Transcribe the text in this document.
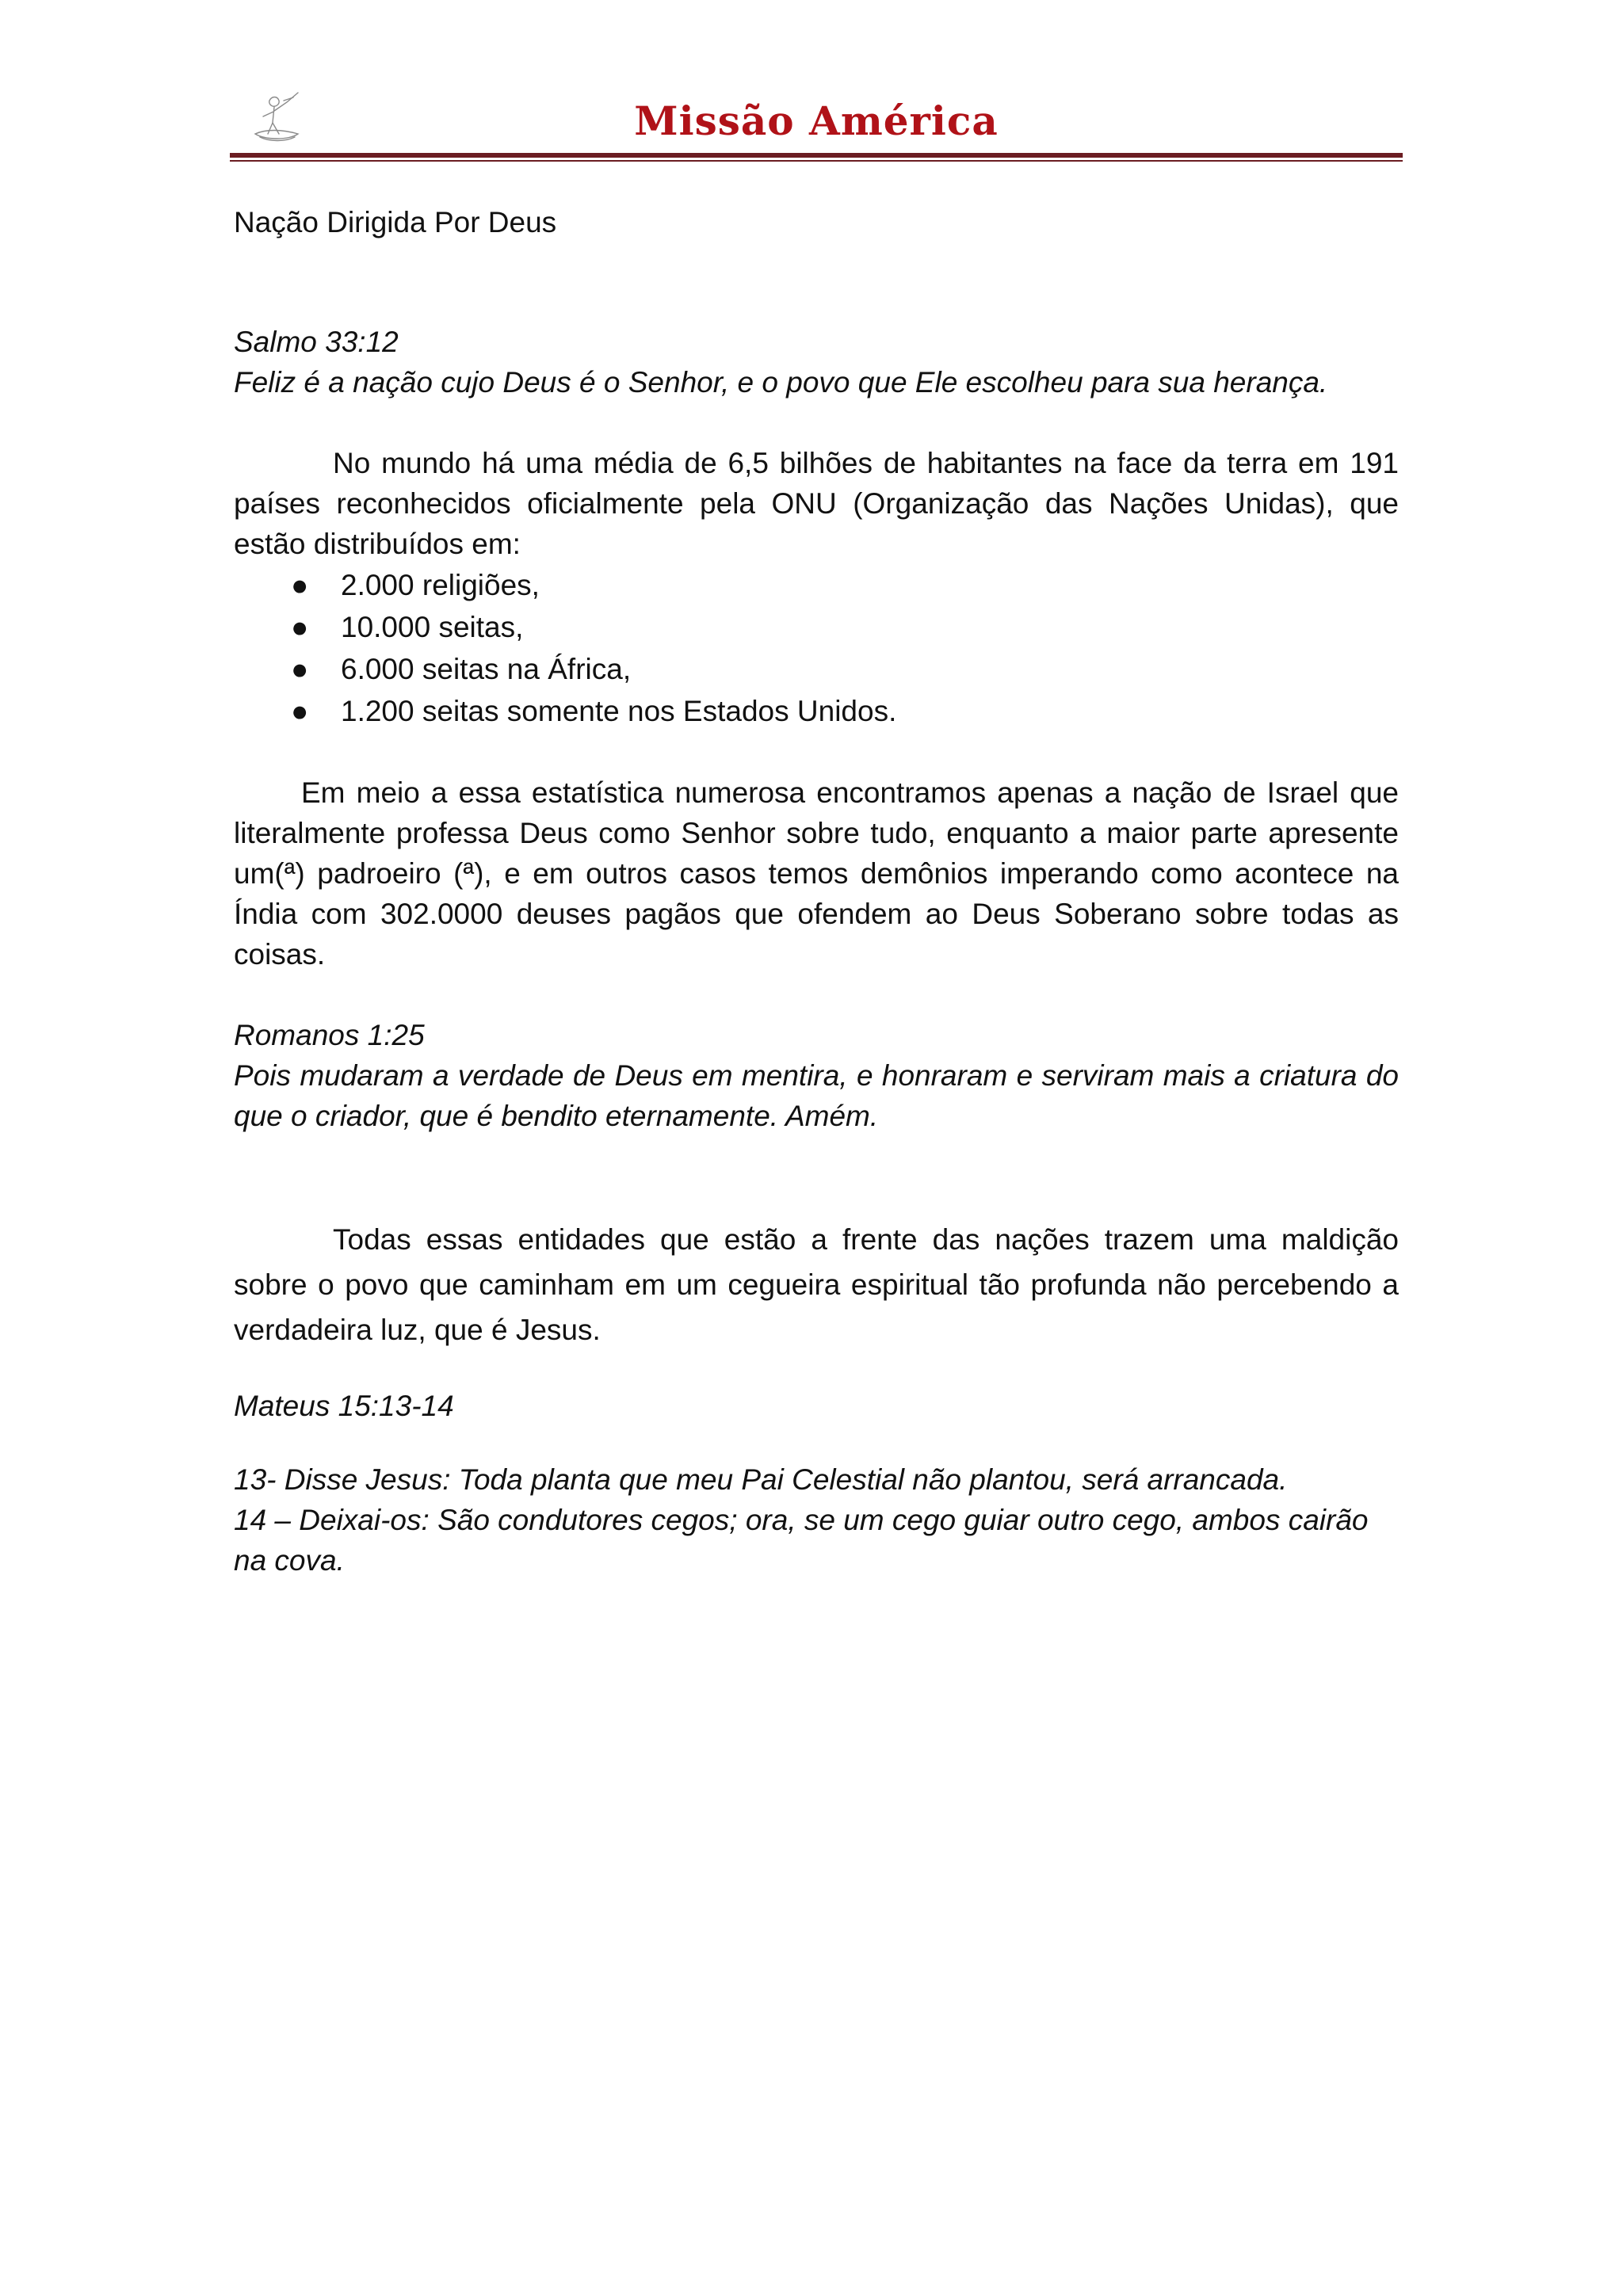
Missão América

Nação Dirigida Por Deus

Salmo 33:12

Feliz é a nação cujo Deus é o Senhor, e o povo que Ele escolheu para sua herança.

No mundo há uma média de 6,5 bilhões de habitantes na face da terra em 191 países reconhecidos oficialmente pela ONU (Organização das Nações Unidas), que estão distribuídos em:

● 2.000 religiões,
● 10.000 seitas,
● 6.000 seitas na África,
● 1.200 seitas somente nos Estados Unidos.

Em meio a essa estatística numerosa encontramos apenas a nação de Israel que literalmente professa Deus como Senhor sobre tudo, enquanto a maior parte apresente um(ª) padroeiro (ª), e em outros casos temos demônios imperando como acontece na Índia com 302.0000 deuses pagãos que ofendem ao Deus Soberano sobre todas as coisas.

Romanos 1:25

Pois mudaram a verdade de Deus em mentira, e honraram e serviram mais a criatura do que o criador, que é bendito eternamente. Amém.

Todas essas entidades que estão a frente das nações trazem uma maldição sobre o povo que caminham em um cegueira espiritual tão profunda não percebendo a verdadeira luz, que é Jesus.

Mateus 15:13-14

13- Disse Jesus: Toda planta que meu Pai Celestial não plantou, será arrancada.

14 – Deixai-os: São condutores cegos; ora, se um cego guiar outro cego, ambos cairão na cova.
